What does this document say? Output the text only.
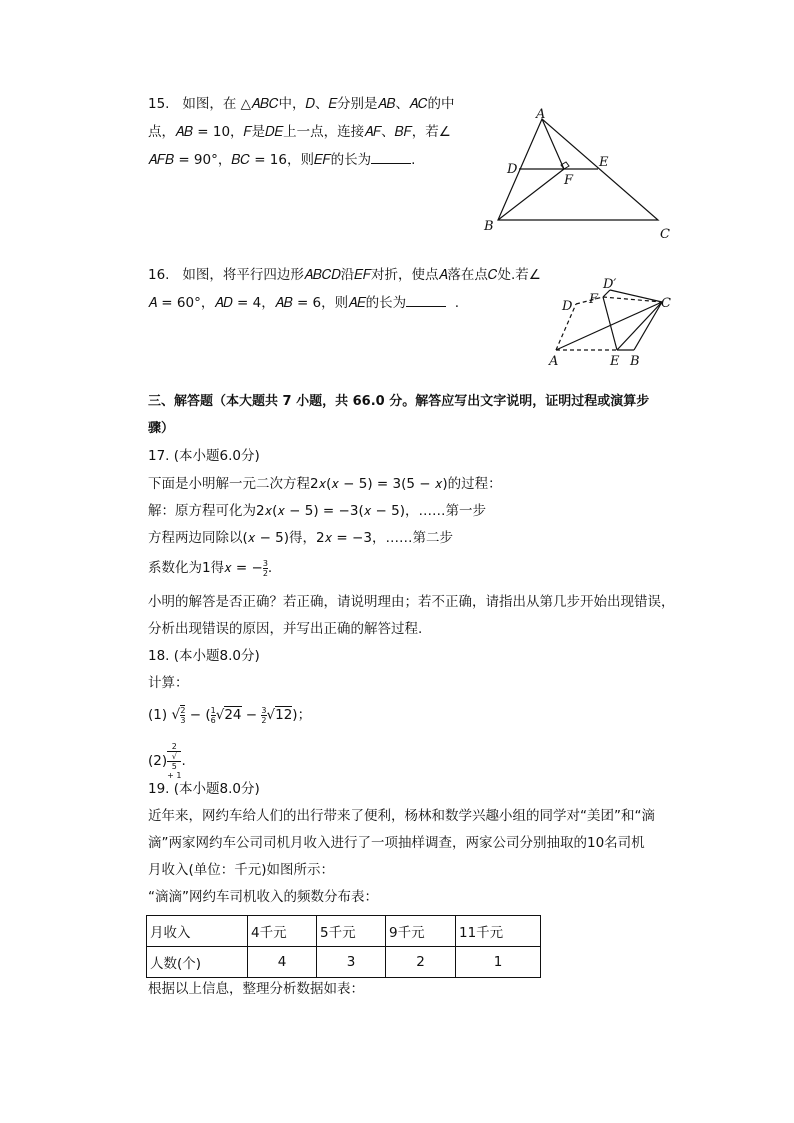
15. 如图，在 △𝐴𝐵𝐶中，𝐷、𝐸分别是𝐴𝐵、𝐴𝐶的中
点，𝐴𝐵 = 10，𝐹是𝐷𝐸上一点，连接𝐴𝐹、𝐵𝐹，若∠
𝐴𝐹𝐵 = 90°，𝐵𝐶 = 16，则𝐸𝐹的长为	.
A
D	E
F
B
C
16. 如图，将平行四边形𝐴𝐵𝐶𝐷沿𝐸𝐹对折，使点𝐴落在点𝐶处.若∠
𝐴 = 60°，𝐴𝐷 = 4，𝐴𝐵 = 6，则𝐴𝐸的长为	.
D′
D F	C
A	E B
三、解答题（本大题共 7 小题，共 66.0 分。解答应写出文字说明，证明过程或演算步
骤）
17. (本小题6.0分)
下面是小明解一元二次方程2𝑥(𝑥 − 5) = 3(5 − 𝑥)的过程：
解：原方程可化为2𝑥(𝑥 − 5) = −3(𝑥 − 5)，……第一步
方程两边同除以(𝑥 − 5)得，2𝑥 = −3，……第二步
系数化为1得𝑥 = − $\frac{3}{2}$ .
小明的解答是否正确？若正确，请说明理由；若不正确，请指出从第几步开始出现错误，
分析出现错误的原因，并写出正确的解答过程.
18. (本小题8.0分)
计算：
(1) √ $\frac{2}{3}$ − ( $\frac{1}{6} √24 - \frac{3}{2} √12$)；
(2) 2
√
5
+ 1 .
19. (本小题8.0分)
近年来，网约车给人们的出行带来了便利，杨林和数学兴趣小组的同学对“美团”和“滴
滴”两家网约车公司司机月收入进行了一项抽样调查，两家公司分别抽取的10名司机
月收入(单位：千元)如图所示：
“滴滴”网约车司机收入的频数分布表：
月收入	4千元	5千元	9千元	11千元
人数(个)	4	3	2	1
根据以上信息，整理分析数据如表：
